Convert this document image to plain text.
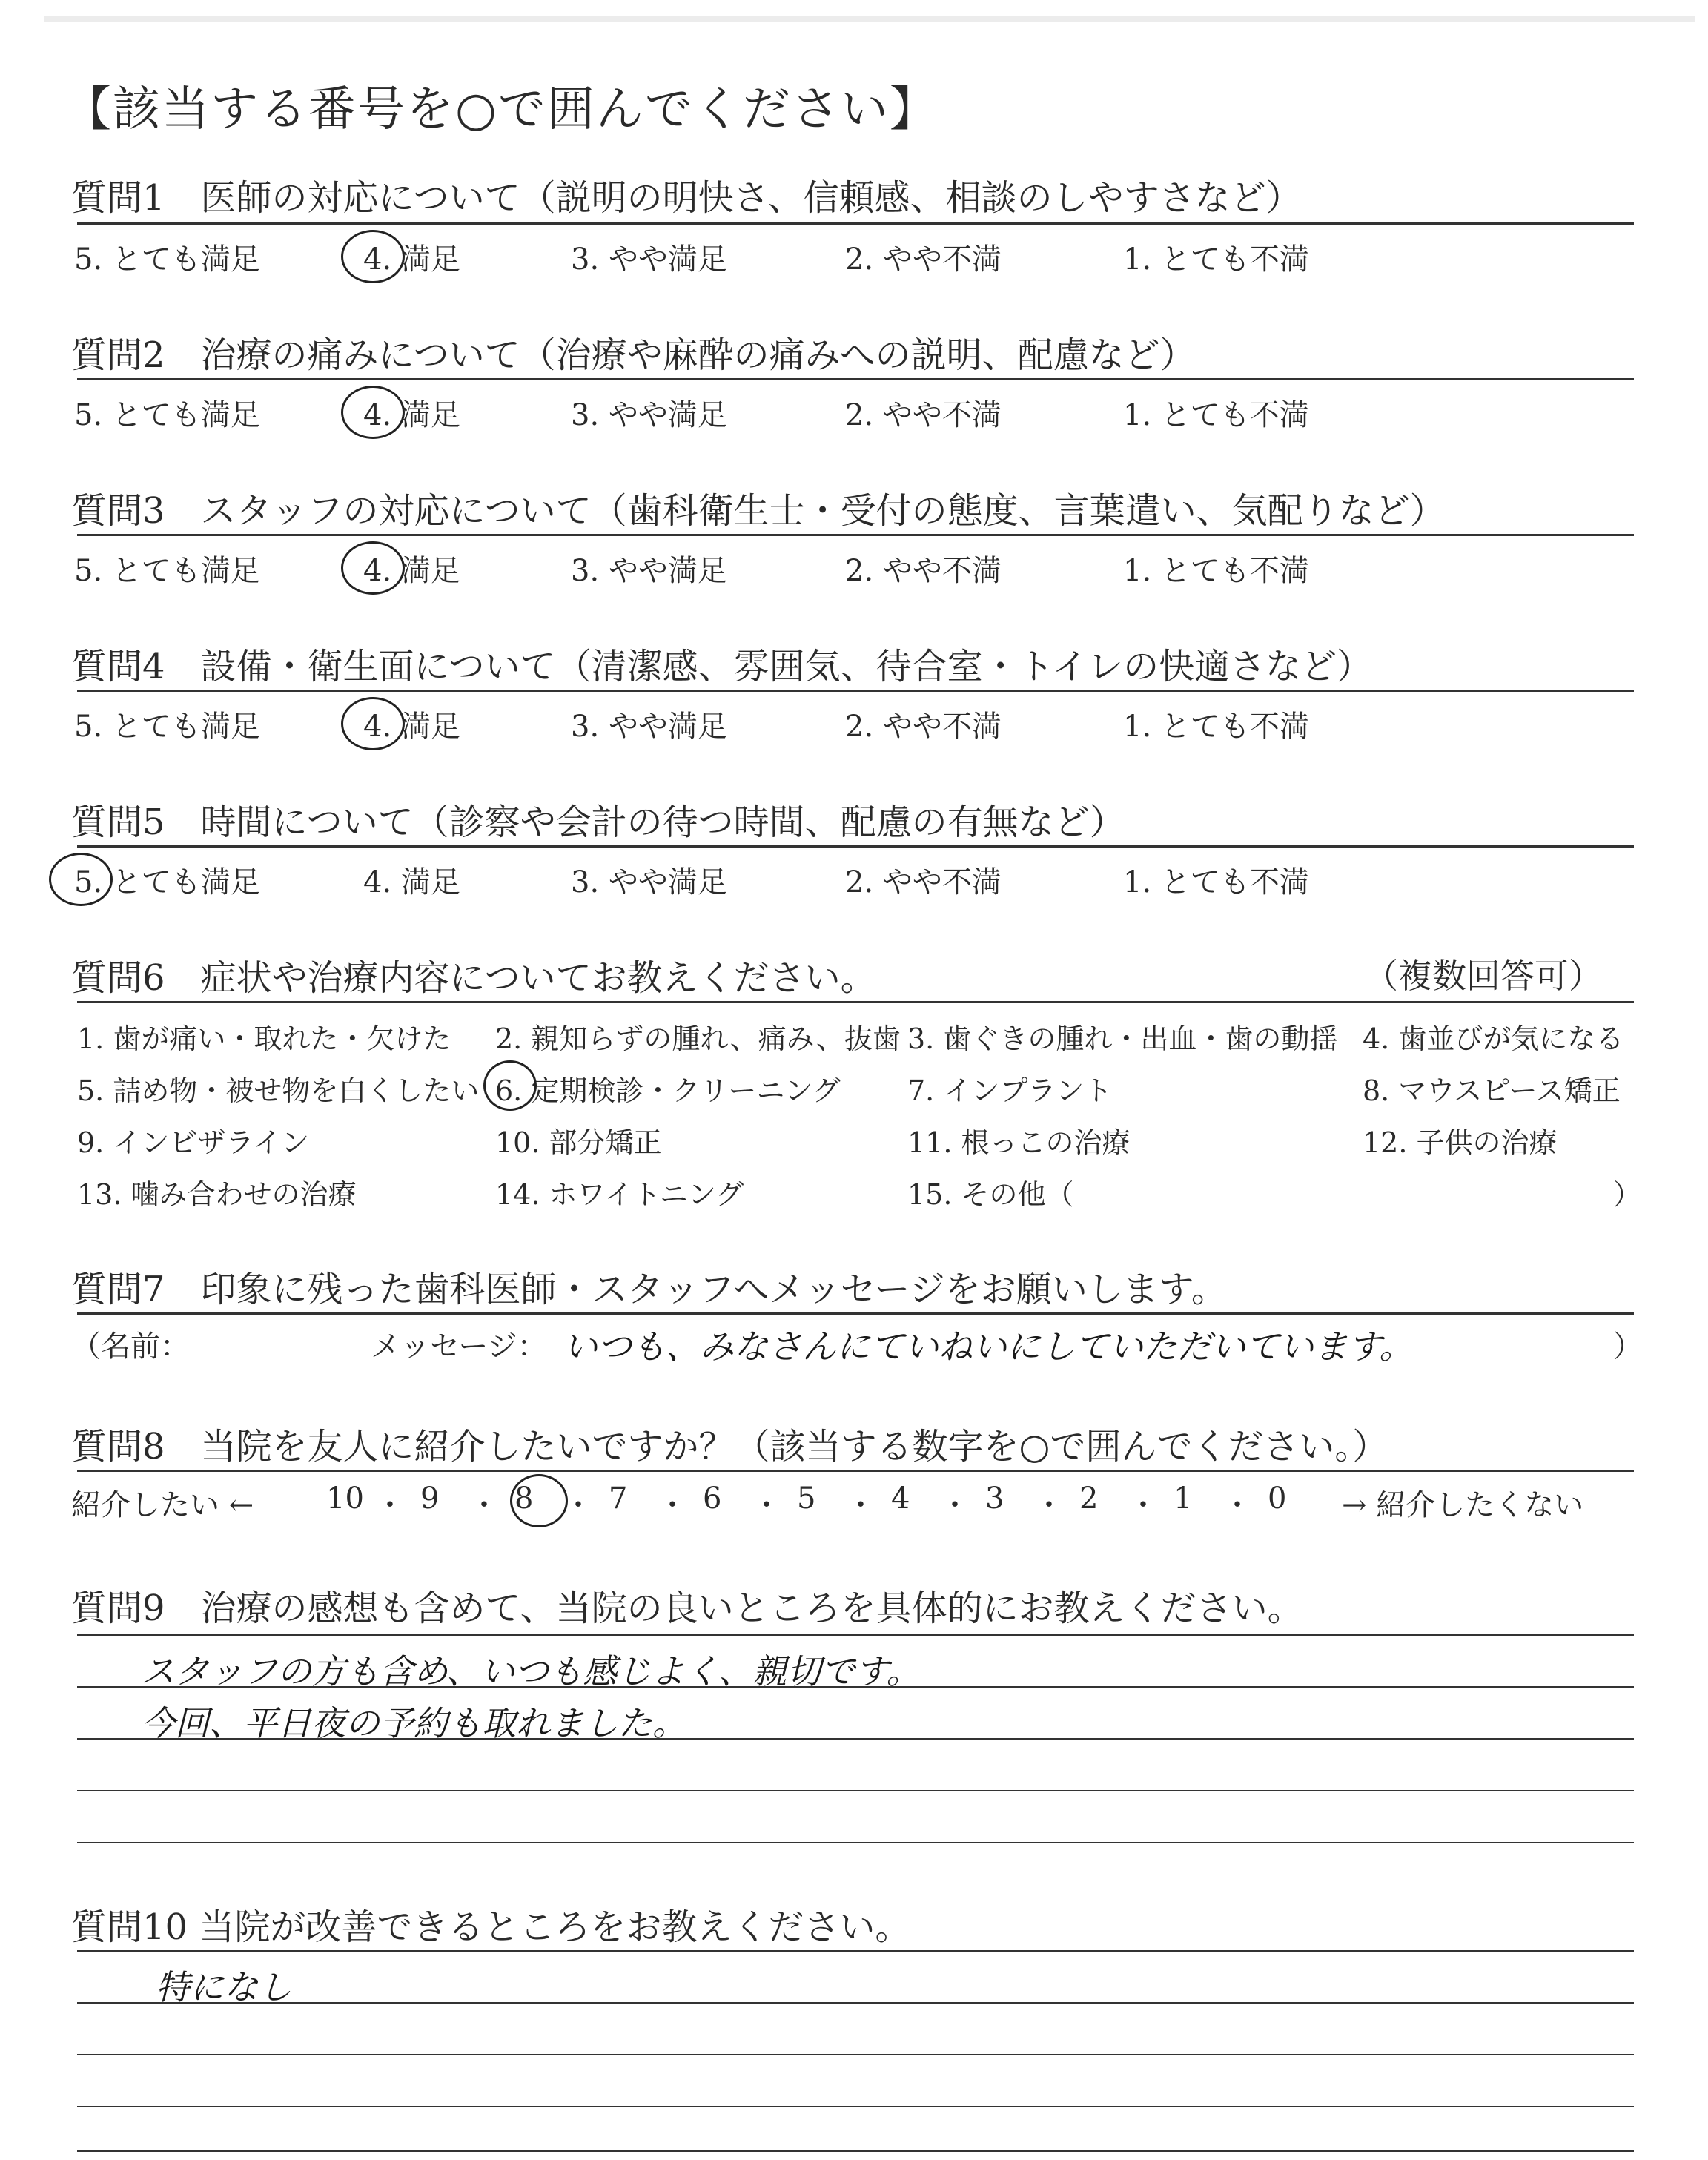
【該当する番号を○で囲んでください】
質問1　医師の対応について（説明の明快さ、信頼感、相談のしやすさなど）
5. とても満足	4. 満足	3. やや満足	2. やや不満	1. とても不満
質問2　治療の痛みについて（治療や麻酔の痛みへの説明、配慮など）
5. とても満足	4. 満足	3. やや満足	2. やや不満	1. とても不満
質問3　スタッフの対応について（歯科衛生士・受付の態度、言葉遣い、気配りなど）
5. とても満足	4. 満足	3. やや満足	2. やや不満	1. とても不満
質問4　設備・衛生面について（清潔感、雰囲気、待合室・トイレの快適さなど）
5. とても満足	4. 満足	3. やや満足	2. やや不満	1. とても不満
質問5　時間について（診察や会計の待つ時間、配慮の有無など）
5. とても満足	4. 満足	3. やや満足	2. やや不満	1. とても不満
質問6　症状や治療内容についてお教えください。	（複数回答可）
1. 歯が痛い・取れた・欠けた 2. 親知らずの腫れ、痛み、抜歯 3. 歯ぐきの腫れ・出血・歯の動揺 4. 歯並びが気になる
5. 詰め物・被せ物を白くしたい 6. 定期検診・クリーニング 7. インプラント	8. マウスピース矯正
9. インビザライン	10. 部分矯正	11. 根っこの治療	12. 子供の治療
13. 噛み合わせの治療	14. ホワイトニング	15. その他（	）
質問7　印象に残った歯科医師・スタッフへメッセージをお願いします。
（名前：	メッセージ： いつも、みなさんにていねいにしていただいています。	）
質問8　当院を友人に紹介したいですか？（該当する数字を○で囲んでください。）
紹介したい ←	→ 紹介したくない
10 ・ 9 ・ 8 ・ 7 ・ 6 ・ 5 ・ 4 ・ 3 ・ 2 ・ 1 ・ 0
質問9　治療の感想も含めて、当院の良いところを具体的にお教えください。
スタッフの方も含め、いつも感じよく、親切です。
今回、平日夜の予約も取れました。
質問10 当院が改善できるところをお教えください。
特になし
